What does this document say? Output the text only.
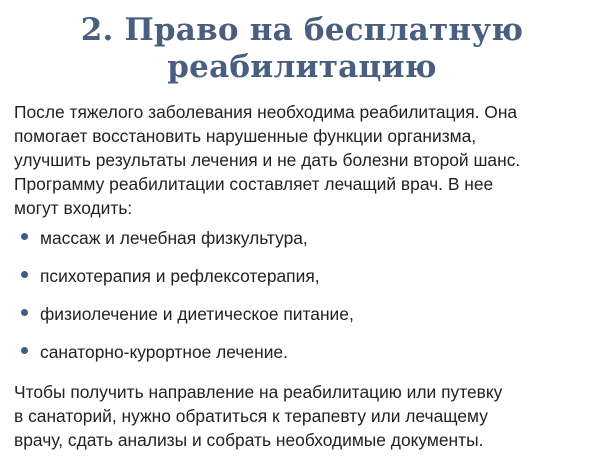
2. Право на бесплатную
реабилитацию

После тяжелого заболевания необходима реабилитация. Она
помогает восстановить нарушенные функции организма,
улучшить результаты лечения и не дать болезни второй шанс.
Программу реабилитации составляет лечащий врач. В нее
могут входить:

массаж и лечебная физкультура,
психотерапия и рефлексотерапия,
физиолечение и диетическое питание,
санаторно-курортное лечение.

Чтобы получить направление на реабилитацию или путевку
в санаторий, нужно обратиться к терапевту или лечащему
врачу, сдать анализы и собрать необходимые документы.
